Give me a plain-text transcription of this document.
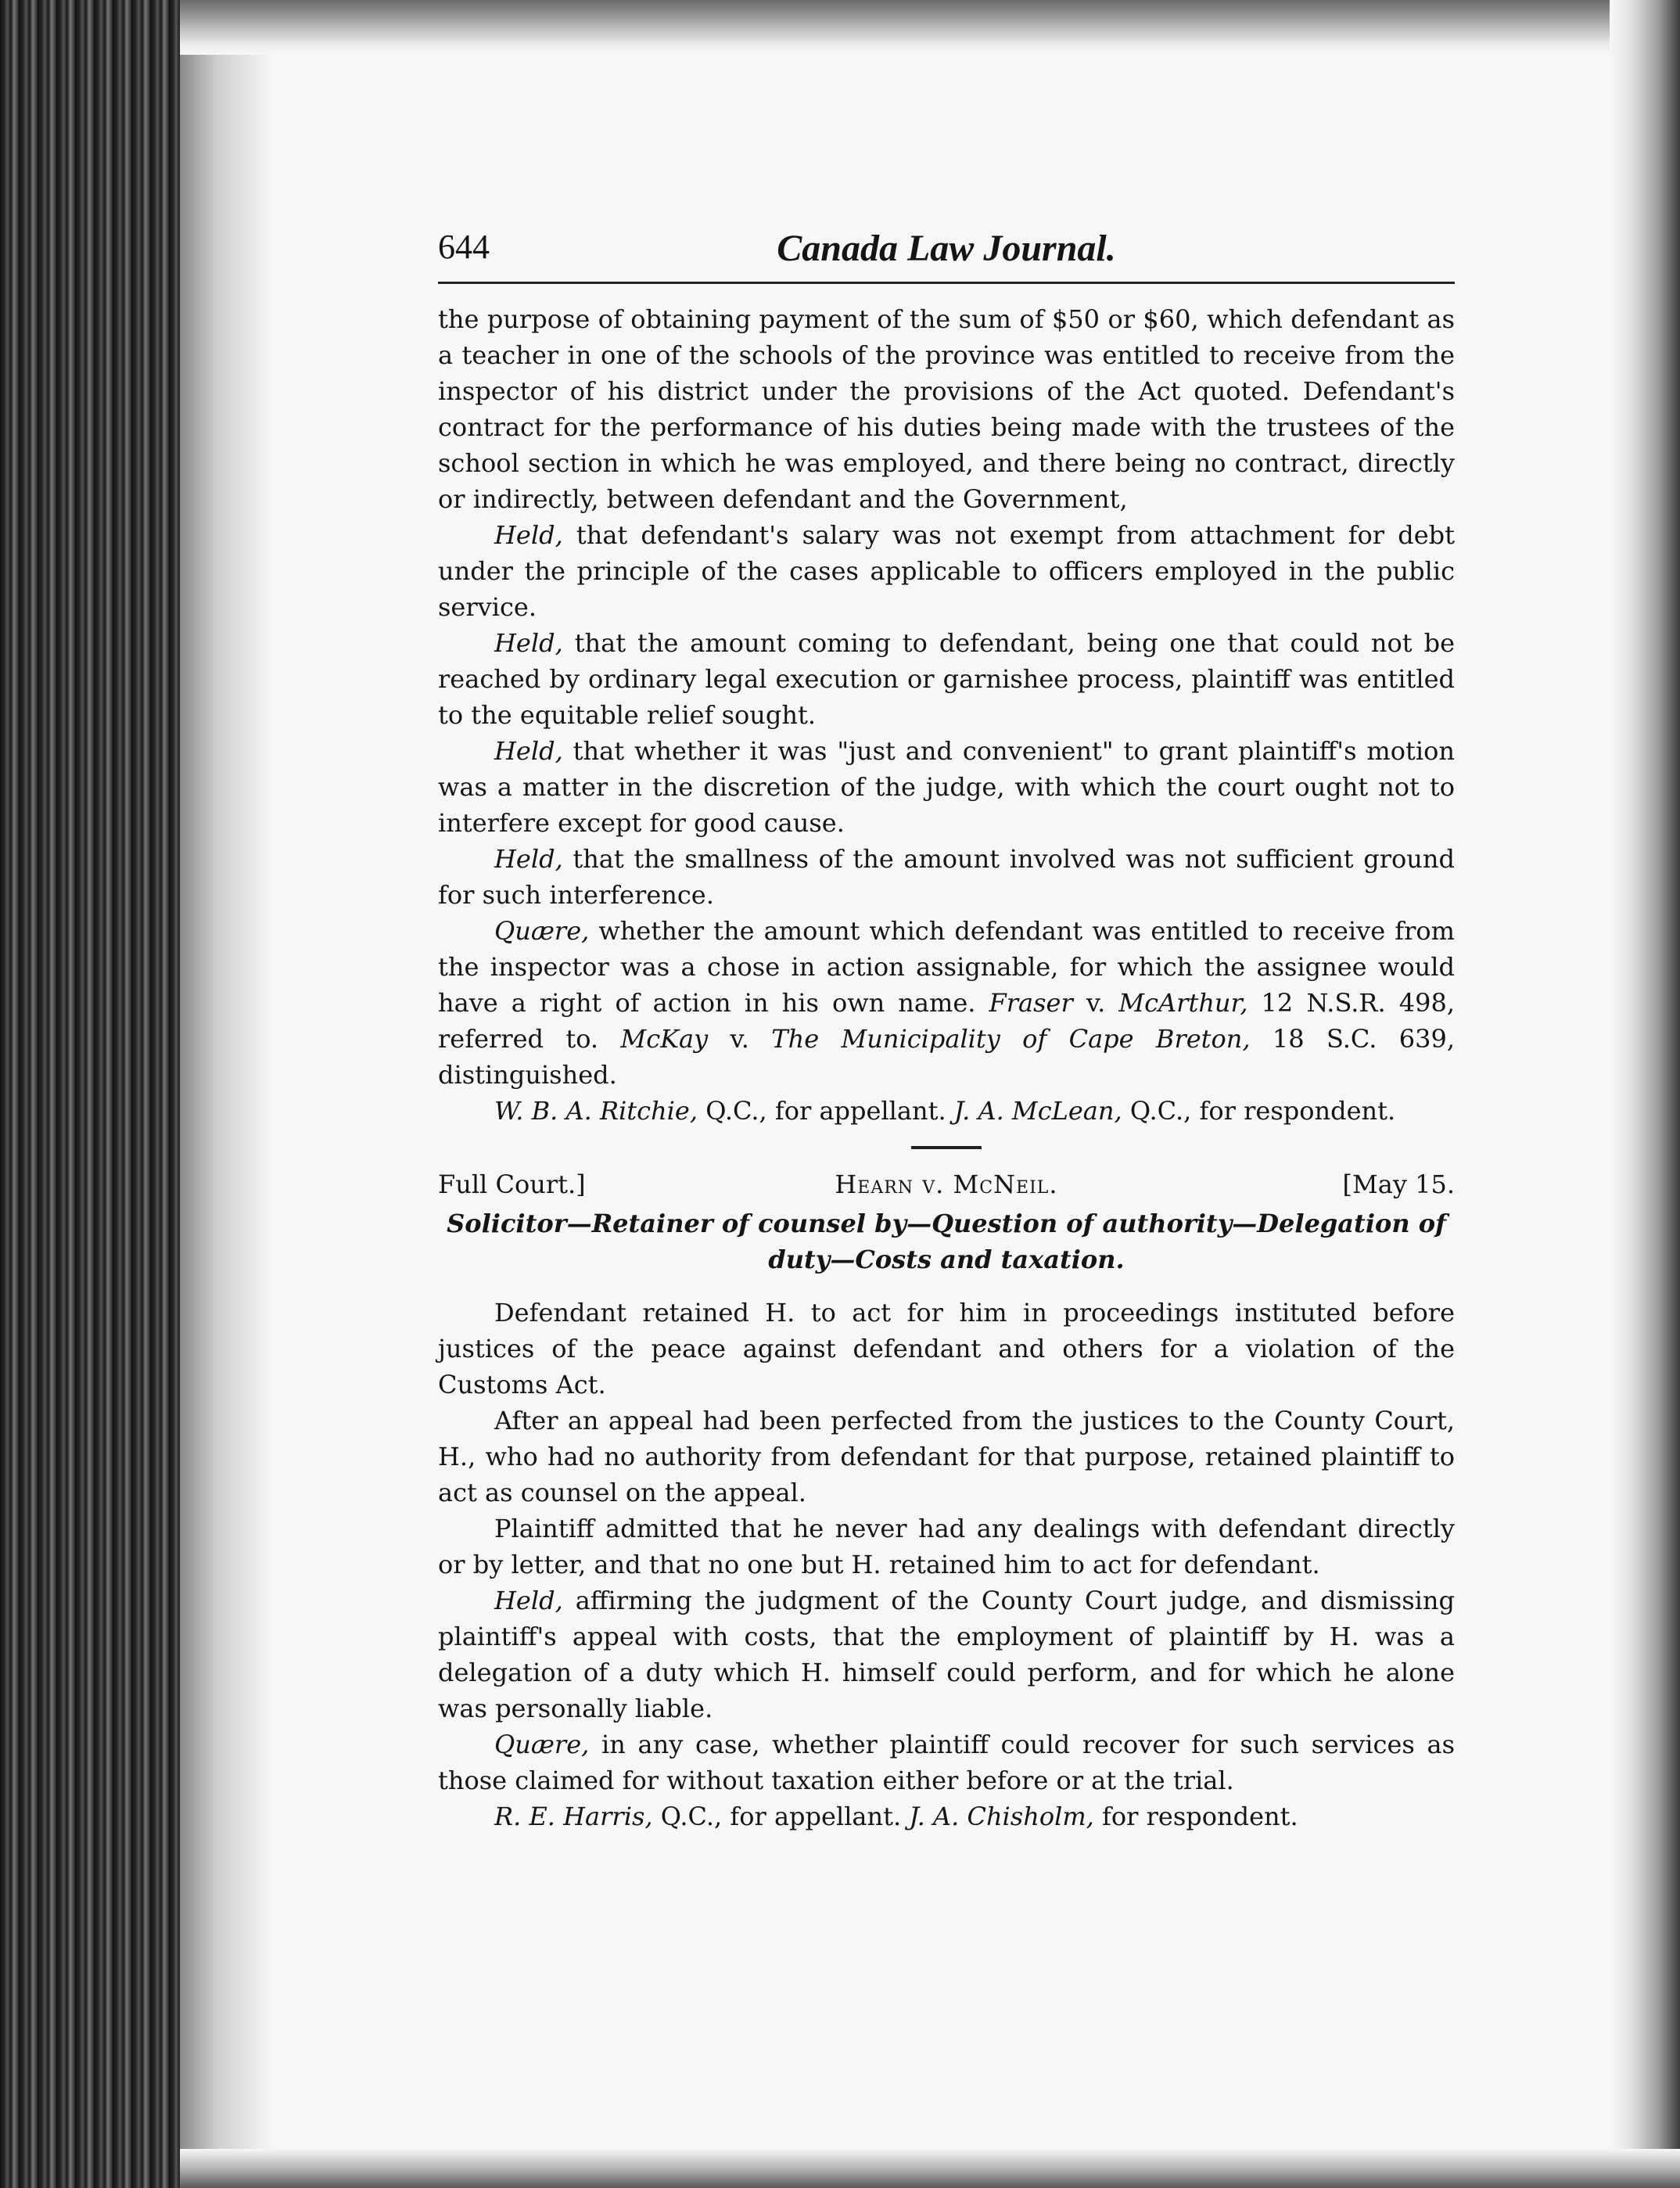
644	Canada Law Journal.

the purpose of obtaining payment of the sum of $50 or $60, which defendant as a teacher in one of the schools of the province was entitled to receive from the inspector of his district under the provisions of the Act quoted. Defendant's contract for the performance of his duties being made with the trustees of the school section in which he was employed, and there being no contract, directly or indirectly, between defendant and the Government,

Held, that defendant's salary was not exempt from attachment for debt under the principle of the cases applicable to officers employed in the public service.

Held, that the amount coming to defendant, being one that could not be reached by ordinary legal execution or garnishee process, plaintiff was entitled to the equitable relief sought.

Held, that whether it was "just and convenient" to grant plaintiff's motion was a matter in the discretion of the judge, with which the court ought not to interfere except for good cause.

Held, that the smallness of the amount involved was not sufficient ground for such interference.

Quære, whether the amount which defendant was entitled to receive from the inspector was a chose in action assignable, for which the assignee would have a right of action in his own name. Fraser v. McArthur, 12 N.S.R. 498, referred to. McKay v. The Municipality of Cape Breton, 18 S.C. 639, distinguished.

W. B. A. Ritchie, Q.C., for appellant. J. A. McLean, Q.C., for respondent.

Full Court.]	Hearn v. McNeil.	[May 15.
Solicitor—Retainer of counsel by—Question of authority—Delegation of
duty—Costs and taxation.

Defendant retained H. to act for him in proceedings instituted before justices of the peace against defendant and others for a violation of the Customs Act.

After an appeal had been perfected from the justices to the County Court, H., who had no authority from defendant for that purpose, retained plaintiff to act as counsel on the appeal.

Plaintiff admitted that he never had any dealings with defendant directly or by letter, and that no one but H. retained him to act for defendant.

Held, affirming the judgment of the County Court judge, and dismissing plaintiff's appeal with costs, that the employment of plaintiff by H. was a delegation of a duty which H. himself could perform, and for which he alone was personally liable.

Quære, in any case, whether plaintiff could recover for such services as those claimed for without taxation either before or at the trial.

R. E. Harris, Q.C., for appellant. J. A. Chisholm, for respondent.
